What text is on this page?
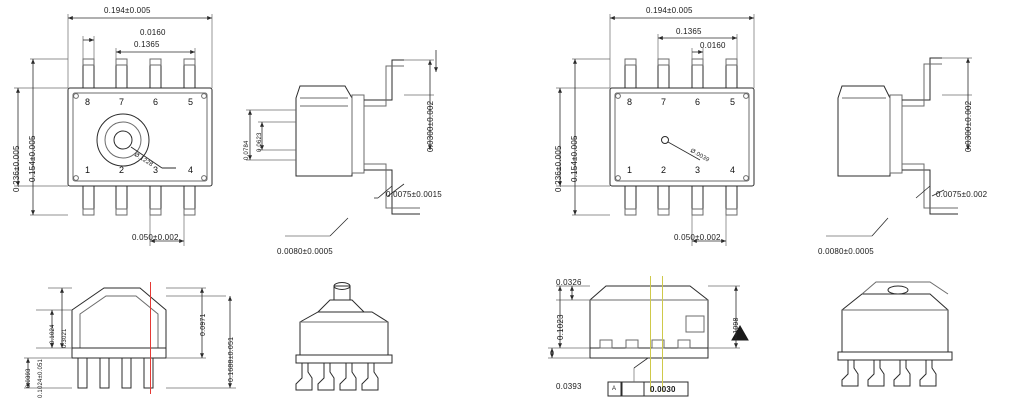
0.194±0.005
0.0160
0.1365
0.236±0.005 0.154±0.005
0.050±0.002
Ø.1228
8	7	6	5
1	2	3	4
0.0784 0.0623	0.0300±0.002
0.0075±0.0015
0.0080±0.0005
0.194±0.005
0.1365
0.0160
0.236±0.005 0.154±0.005
0.050±0.002
Ø.0039
8	7	6	5
1	2	3	4
0.0300±0.002
0.0075±0.002
0.0080±0.0005
0.0971
0.1688±0.051
0.1024 0.3021
0.0393 0.1024±0.051
0.0326
0.1023	0.1098
0.0393	0.0030
A
